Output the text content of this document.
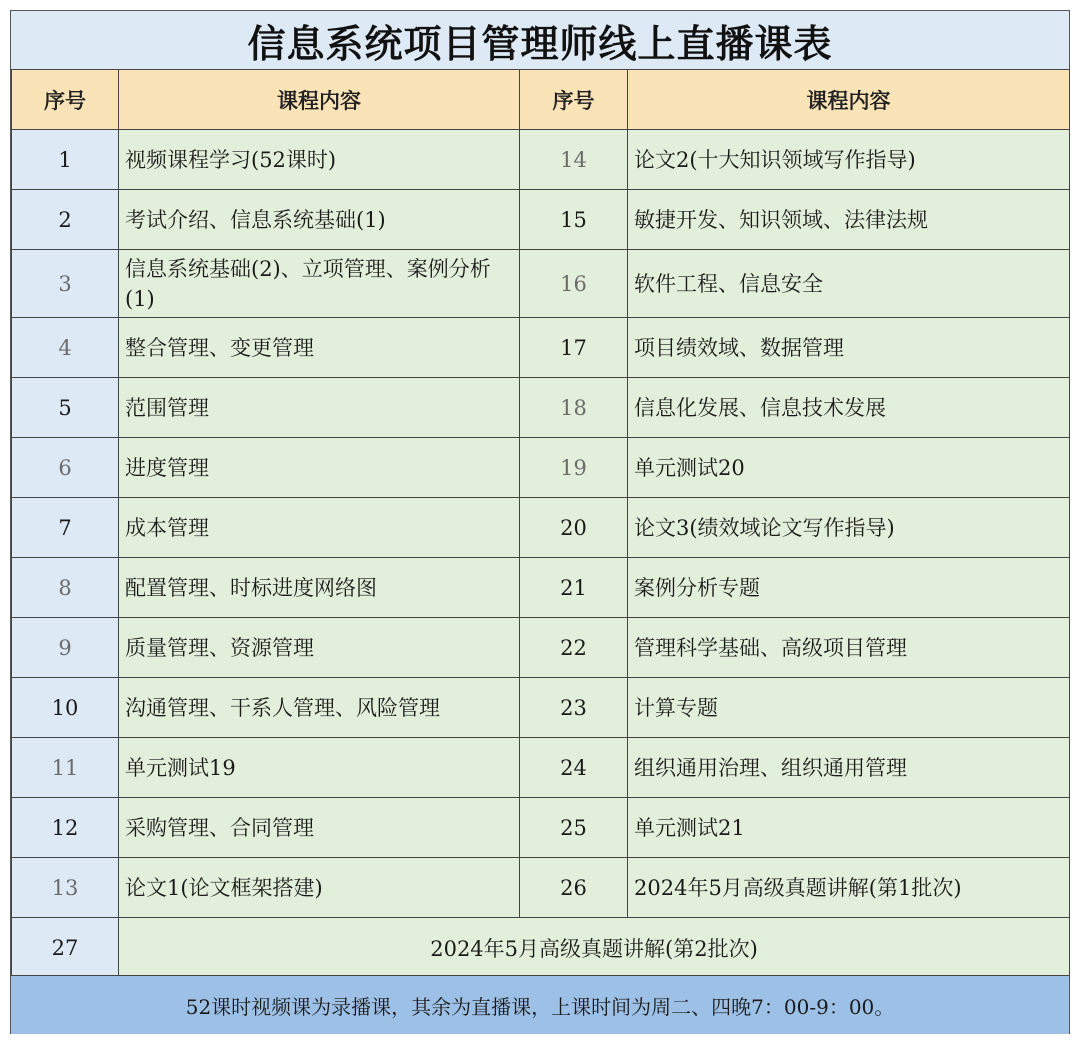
信息系统项目管理师线上直播课表
序号	课程内容	序号	课程内容
1	视频课程学习(52课时)	14	论文2(十大知识领域写作指导)
2	考试介绍、信息系统基础(1)	15	敏捷开发、知识领域、法律法规
3	信息系统基础(2)、立项管理、案例分析(1)	16	软件工程、信息安全
4	整合管理、变更管理	17	项目绩效域、数据管理
5	范围管理	18	信息化发展、信息技术发展
6	进度管理	19	单元测试20
7	成本管理	20	论文3(绩效域论文写作指导)
8	配置管理、时标进度网络图	21	案例分析专题
9	质量管理、资源管理	22	管理科学基础、高级项目管理
10	沟通管理、干系人管理、风险管理	23	计算专题
11	单元测试19	24	组织通用治理、组织通用管理
12	采购管理、合同管理	25	单元测试21
13	论文1(论文框架搭建)	26	2024年5月高级真题讲解(第1批次)
27	2024年5月高级真题讲解(第2批次)		
52课时视频课为录播课，其余为直播课，上课时间为周二、四晚7：00-9：00。
